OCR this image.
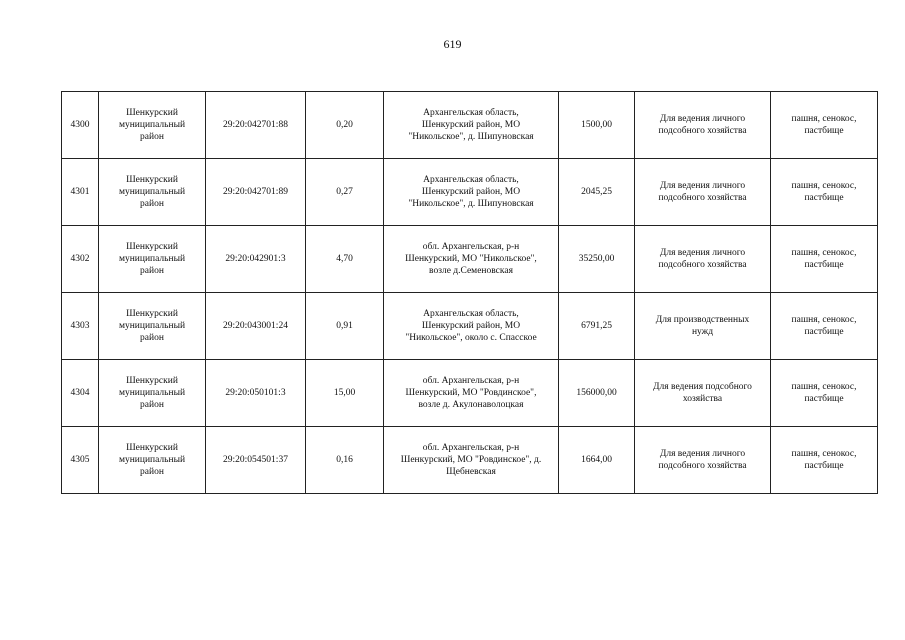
619
4300	Шенкурский
муниципальный
район	29:20:042701:88	0,20	Архангельская область,
Шенкурский район, МО
"Никольское", д. Шипуновская	1500,00	Для ведения личного
подсобного хозяйства	пашня, сенокос,
пастбище
4301	Шенкурский
муниципальный
район	29:20:042701:89	0,27	Архангельская область,
Шенкурский район, МО
"Никольское", д. Шипуновская	2045,25	Для ведения личного
подсобного хозяйства	пашня, сенокос,
пастбище
4302	Шенкурский
муниципальный
район	29:20:042901:3	4,70	обл. Архангельская, р-н
Шенкурский, МО "Никольское",
возле д.Семеновская	35250,00	Для ведения личного
подсобного хозяйства	пашня, сенокос,
пастбище
4303	Шенкурский
муниципальный
район	29:20:043001:24	0,91	Архангельская область,
Шенкурский район, МО
"Никольское", около с. Спасское	6791,25	Для производственных
нужд	пашня, сенокос,
пастбище
4304	Шенкурский
муниципальный
район	29:20:050101:3	15,00	обл. Архангельская, р-н
Шенкурский, МО "Ровдинское",
возле д. Акулонаволоцкая	156000,00	Для ведения подсобного
хозяйства	пашня, сенокос,
пастбище
4305	Шенкурский
муниципальный
район	29:20:054501:37	0,16	обл. Архангельская, р-н
Шенкурский, МО "Ровдинское", д.
Щебневская	1664,00	Для ведения личного
подсобного хозяйства	пашня, сенокос,
пастбище
